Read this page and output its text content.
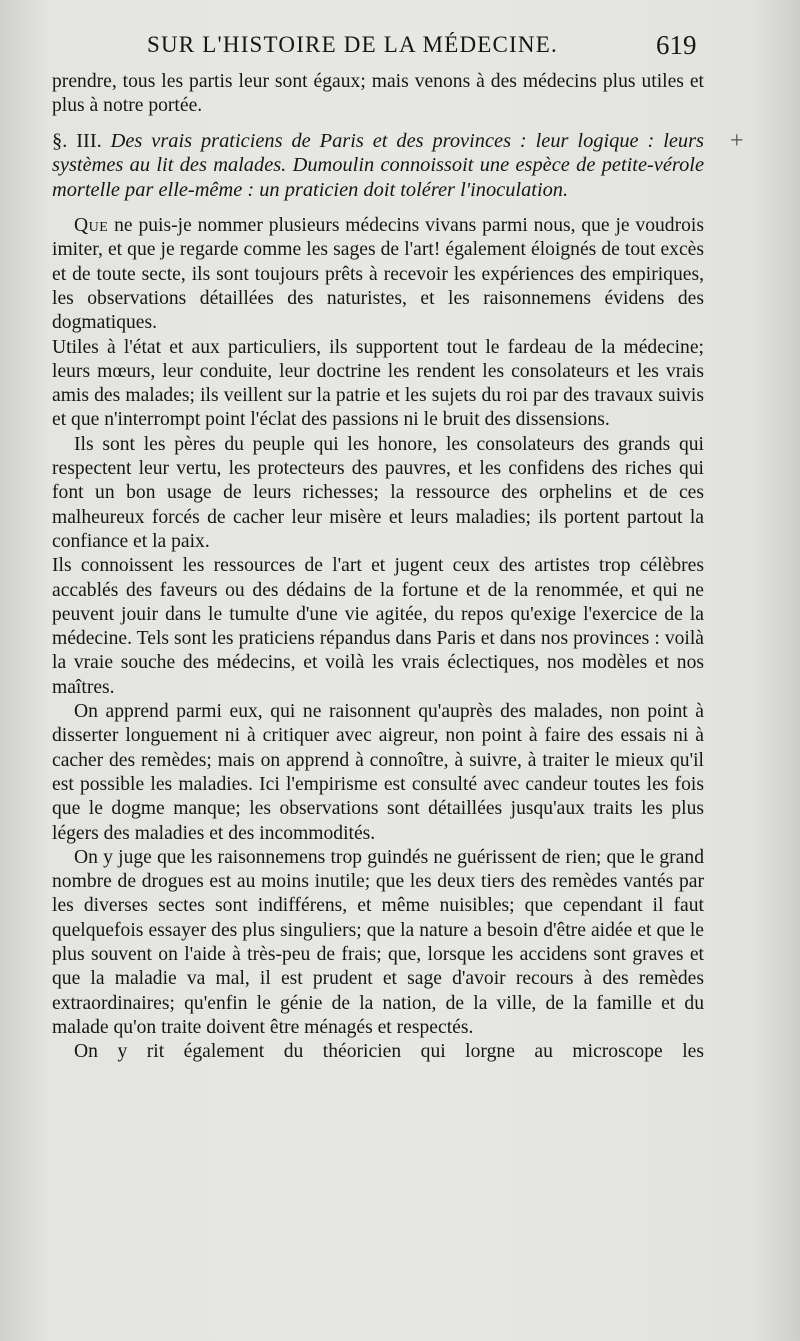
SUR L'HISTOIRE DE LA MÉDECINE.	619

prendre, tous les partis leur sont égaux; mais venons à des médecins plus utiles et plus à notre portée.

§. III. Des vrais praticiens de Paris et des provinces : leur logique : leurs systèmes au lit des malades. Dumoulin connoissoit une espèce de petite-vérole mortelle par elle-même : un praticien doit tolérer l'inoculation.

Que ne puis-je nommer plusieurs médecins vivans parmi nous, que je voudrois imiter, et que je regarde comme les sages de l'art! également éloignés de tout excès et de toute secte, ils sont toujours prêts à recevoir les expériences des empiriques, les observations détaillées des naturistes, et les raisonnemens évidens des dogmatiques.

Utiles à l'état et aux particuliers, ils supportent tout le fardeau de la médecine; leurs mœurs, leur conduite, leur doctrine les rendent les consolateurs et les vrais amis des malades; ils veillent sur la patrie et les sujets du roi par des travaux suivis et que n'interrompt point l'éclat des passions ni le bruit des dissensions.

Ils sont les pères du peuple qui les honore, les consolateurs des grands qui respectent leur vertu, les protecteurs des pauvres, et les confidens des riches qui font un bon usage de leurs richesses; la ressource des orphelins et de ces malheureux forcés de cacher leur misère et leurs maladies; ils portent partout la confiance et la paix.

Ils connoissent les ressources de l'art et jugent ceux des artistes trop célèbres accablés des faveurs ou des dédains de la fortune et de la renommée, et qui ne peuvent jouir dans le tumulte d'une vie agitée, du repos qu'exige l'exercice de la médecine. Tels sont les praticiens répandus dans Paris et dans nos provinces : voilà la vraie souche des médecins, et voilà les vrais éclectiques, nos modèles et nos maîtres.

On apprend parmi eux, qui ne raisonnent qu'auprès des malades, non point à disserter longuement ni à critiquer avec aigreur, non point à faire des essais ni à cacher des remèdes; mais on apprend à connoître, à suivre, à traiter le mieux qu'il est possible les maladies. Ici l'empirisme est consulté avec candeur toutes les fois que le dogme manque; les observations sont détaillées jusqu'aux traits les plus légers des maladies et des incommodités.

On y juge que les raisonnemens trop guindés ne guérissent de rien; que le grand nombre de drogues est au moins inutile; que les deux tiers des remèdes vantés par les diverses sectes sont indifférens, et même nuisibles; que cependant il faut quelquefois essayer des plus singuliers; que la nature a besoin d'être aidée et que le plus souvent on l'aide à très-peu de frais; que, lorsque les accidens sont graves et que la maladie va mal, il est prudent et sage d'avoir recours à des remèdes extraordinaires; qu'enfin le génie de la nation, de la ville, de la famille et du malade qu'on traite doivent être ménagés et respectés.

On y rit également du théoricien qui lorgne au microscope les

+
